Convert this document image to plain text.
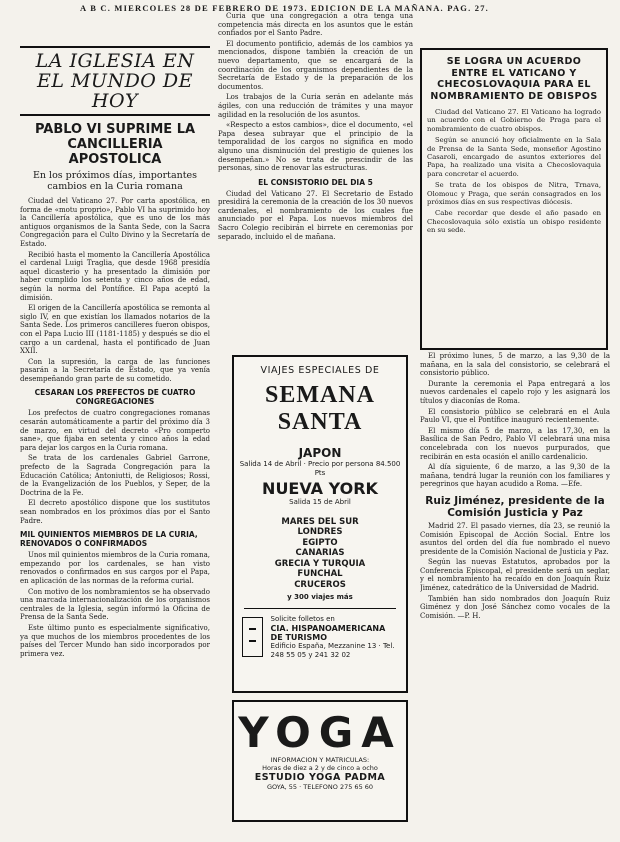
A B C. MIERCOLES 28 DE FEBRERO DE 1973. EDICION DE LA MAÑANA. PAG. 27.
LA IGLESIA EN EL MUNDO DE HOY
PABLO VI SUPRIME LA CANCILLERIA APOSTOLICA
En los próximos días, importantes cambios en la Curia romana

Ciudad del Vaticano 27. Por carta apostólica, en forma de «motu proprio», Pablo VI ha suprimido hoy la Cancillería apostólica, que es uno de los más antiguos organismos de la Santa Sede, con la Sacra Congregación para el Culto Divino y la Secretaría de Estado.

Recibió hasta el momento la Cancillería Apostólica el cardenal Luigi Traglia, que desde 1968 presidía aquel dicasterio y ha presentado la dimisión por haber cumplido los setenta y cinco años de edad, según la norma del Pontífice. El Papa aceptó la dimisión.

El origen de la Cancillería apostólica se remonta al siglo IV, en que existían los llamados notarios de la Santa Sede. Los primeros cancilleres fueron obispos, con el Papa Lucio III (1181-1185) y después se dio el cargo a un cardenal, hasta el pontificado de Juan XXII.

Con la supresión, la carga de las funciones pasarán a la Secretaría de Estado, que ya venía desempeñando gran parte de su cometido.

CESARAN LOS PREFECTOS DE CUATRO CONGREGACIONES

Los prefectos de cuatro congregaciones romanas cesarán automáticamente a partir del próximo día 3 de marzo, en virtud del decreto «Pro comperto sane», que fijaba en setenta y cinco años la edad para dejar los cargos en la Curia romana.

Se trata de los cardenales Gabriel Garrone, prefecto de la Sagrada Congregación para la Educación Católica; Antoniutti, de Religiosos; Rossi, de la Evangelización de los Pueblos, y Seper, de la Doctrina de la Fe.

El decreto apostólico dispone que los sustitutos sean nombrados en los próximos días por el Santo Padre.

MIL QUINIENTOS MIEMBROS DE LA CURIA, RENOVADOS O CONFIRMADOS

Unos mil quinientos miembros de la Curia romana, empezando por los cardenales, se han visto renovados o confirmados en sus cargos por el Papa, en aplicación de las normas de la reforma curial.

Con motivo de los nombramientos se ha observado una marcada internacionalización de los organismos centrales de la Iglesia, según informó la Oficina de Prensa de la Santa Sede.

Este último punto es especialmente significativo, ya que muchos de los miembros procedentes de los países del Tercer Mundo han sido incorporados por primera vez.

Curia que una congregación a otra tenga una competencia más directa en los asuntos que le están confiados por el Santo Padre.

El documento pontificio, además de los cambios ya mencionados, dispone también la creación de un nuevo departamento, que se encargará de la coordinación de los organismos dependientes de la Secretaría de Estado y de la preparación de los documentos.

Los trabajos de la Curia serán en adelante más ágiles, con una reducción de trámites y una mayor agilidad en la resolución de los asuntos.

«Respecto a estos cambios», dice el documento, «el Papa desea subrayar que el principio de la temporalidad de los cargos no significa en modo alguno una disminución del prestigio de quienes los desempeñan.» No se trata de prescindir de las personas, sino de renovar las estructuras.

EL CONSISTORIO DEL DIA 5

Ciudad del Vaticano 27. El Secretario de Estado presidirá la ceremonia de la creación de los 30 nuevos cardenales, el nombramiento de los cuales fue anunciado por el Papa. Los nuevos miembros del Sacro Colegio recibirán el birrete en ceremonias por separado, incluido el de mañana.

VIAJES ESPECIALES DE
SEMANA SANTA
JAPON
Salida 14 de Abril · Precio por persona 84.500 Pts
NUEVA YORK
Salida 15 de Abril
MARES DEL SUR
LONDRES
EGIPTO
CANARIAS
GRECIA Y TURQUIA
FUNCHAL
CRUCEROS
y 300 viajes más
Solicite folletos en
CIA. HISPANOAMERICANA DE TURISMO
Edificio España, Mezzanine 13 · Tel. 248 55 05 y 241 32 02
YOGA
INFORMACION Y MATRICULAS:
Horas de diez a 2 y de cinco a ocho
ESTUDIO YOGA PADMA
GOYA, 55 · TELEFONO 275 65 60
SE LOGRA UN ACUERDO ENTRE EL VATICANO Y CHECOSLOVAQUIA PARA EL NOMBRAMIENTO DE OBISPOS

Ciudad del Vaticano 27. El Vaticano ha logrado un acuerdo con el Gobierno de Praga para el nombramiento de cuatro obispos.

Según se anunció hoy oficialmente en la Sala de Prensa de la Santa Sede, monseñor Agostino Casaroli, encargado de asuntos exteriores del Papa, ha realizado una visita a Checoslovaquia para concretar el acuerdo.

Se trata de los obispos de Nitra, Trnava, Olomouc y Praga, que serán consagrados en los próximos días en sus respectivas diócesis.

Cabe recordar que desde el año pasado en Checoslovaquia sólo existía un obispo residente en su sede.

El próximo lunes, 5 de marzo, a las 9,30 de la mañana, en la sala del consistorio, se celebrará el consistorio público.

Durante la ceremonia el Papa entregará a los nuevos cardenales el capelo rojo y les asignará los títulos y diaconías de Roma.

El consistorio público se celebrará en el Aula Paulo VI, que el Pontífice inauguró recientemente.

El mismo día 5 de marzo, a las 17,30, en la Basílica de San Pedro, Pablo VI celebrará una misa concelebrada con los nuevos purpurados, que recibirán en esta ocasión el anillo cardenalicio.

Al día siguiente, 6 de marzo, a las 9,30 de la mañana, tendrá lugar la reunión con los familiares y peregrinos que hayan acudido a Roma. —Efe.

Ruiz Jiménez, presidente de la Comisión Justicia y Paz

Madrid 27. El pasado viernes, día 23, se reunió la Comisión Episcopal de Acción Social. Entre los asuntos del orden del día fue nombrado el nuevo presidente de la Comisión Nacional de Justicia y Paz.

Según las nuevas Estatutos, aprobados por la Conferencia Episcopal, el presidente será un seglar, y el nombramiento ha recaído en don Joaquín Ruiz Jiménez, catedrático de la Universidad de Madrid.

También han sido nombrados don Joaquín Ruiz Giménez y don José Sánchez como vocales de la Comisión. —P. H.
